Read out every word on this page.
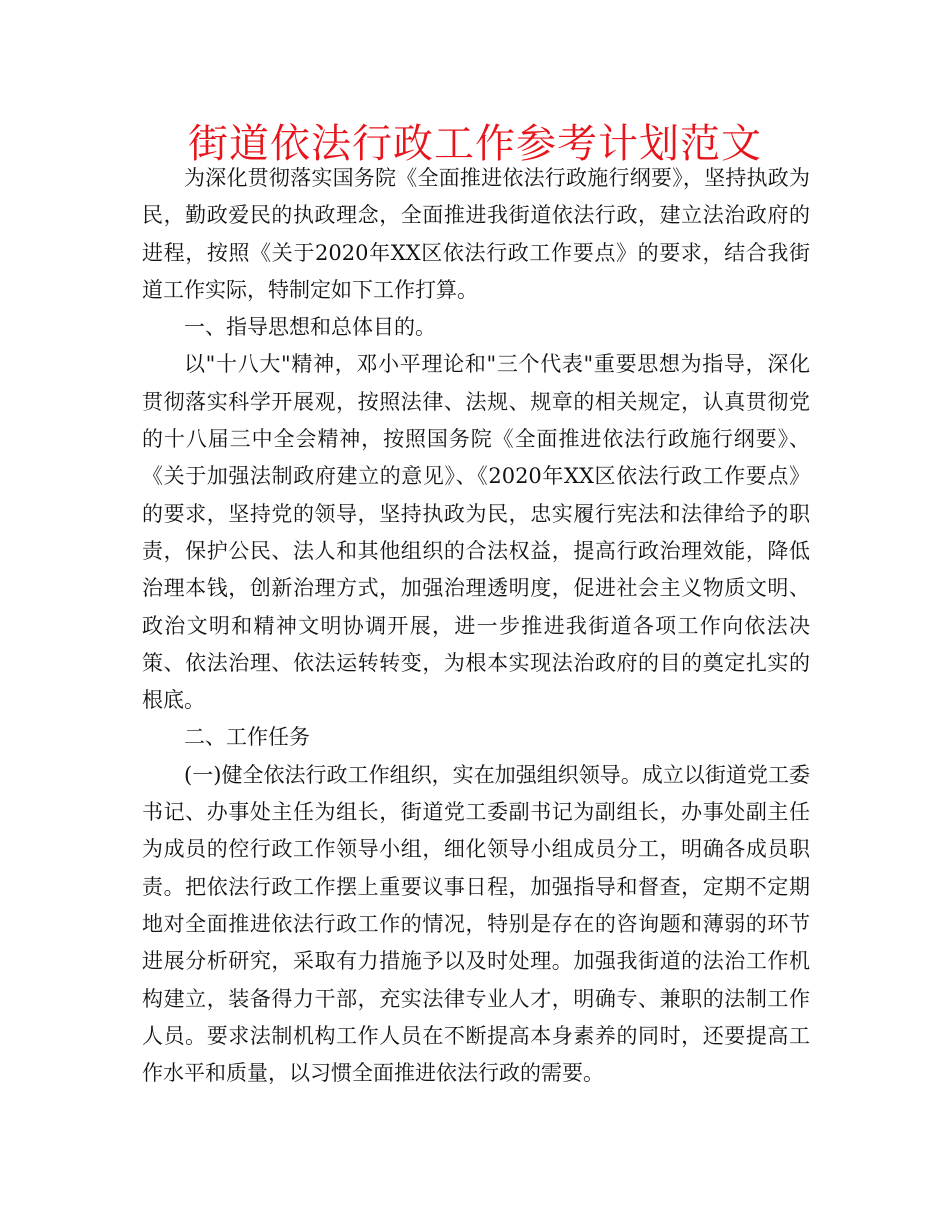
街道依法行政工作参考计划范文

为深化贯彻落实国务院《全面推进依法行政施行纲要》，坚持执政为民，勤政爱民的执政理念，全面推进我街道依法行政，建立法治政府的进程，按照《关于2020年XX区依法行政工作要点》的要求，结合我街道工作实际，特制定如下工作打算。

一、指导思想和总体目的。

以"十八大"精神，邓小平理论和"三个代表"重要思想为指导，深化贯彻落实科学开展观，按照法律、法规、规章的相关规定，认真贯彻党的十八届三中全会精神，按照国务院《全面推进依法行政施行纲要》、《关于加强法制政府建立的意见》、《2020年XX区依法行政工作要点》的要求，坚持党的领导，坚持执政为民，忠实履行宪法和法律给予的职责，保护公民、法人和其他组织的合法权益，提高行政治理效能，降低治理本钱，创新治理方式，加强治理透明度，促进社会主义物质文明、政治文明和精神文明协调开展，进一步推进我街道各项工作向依法决策、依法治理、依法运转转变，为根本实现法治政府的目的奠定扎实的根底。

二、工作任务

(一)健全依法行政工作组织，实在加强组织领导。成立以街道党工委书记、办事处主任为组长，街道党工委副书记为副组长，办事处副主任为成员的倥行政工作领导小组，细化领导小组成员分工，明确各成员职责。把依法行政工作摆上重要议事日程，加强指导和督查，定期不定期地对全面推进依法行政工作的情况，特别是存在的咨询题和薄弱的环节进展分析研究，采取有力措施予以及时处理。加强我街道的法治工作机构建立，装备得力干部，充实法律专业人才，明确专、兼职的法制工作人员。要求法制机构工作人员在不断提高本身素养的同时，还要提高工作水平和质量，以习惯全面推进依法行政的需要。
